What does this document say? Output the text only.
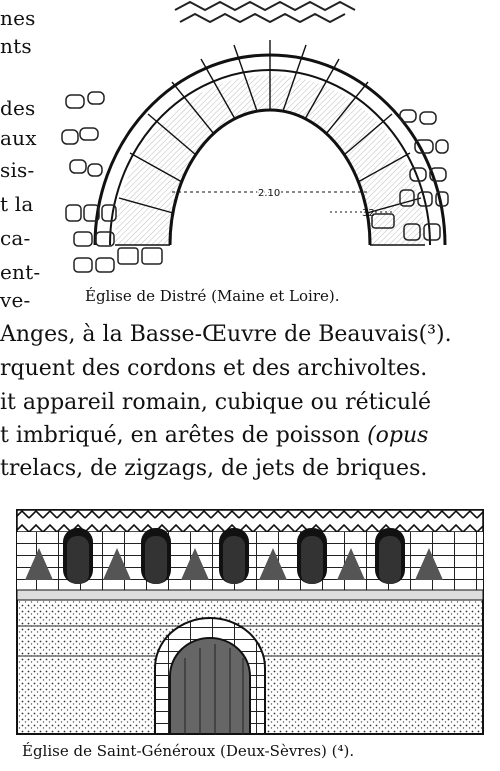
nes
nts
des
aux
sis-
t la
ca-
ent-
ve-
2.10
32
Église de Distré (Maine et Loire).
Anges, à la Basse-Œuvre de Beauvais(³).
rquent des cordons et des archivoltes.
it appareil romain, cubique ou réticulé
t imbriqué, en arêtes de poisson (opus
trelacs, de zigzags, de jets de briques.
Église de Saint-Généroux (Deux-Sèvres) (⁴).
